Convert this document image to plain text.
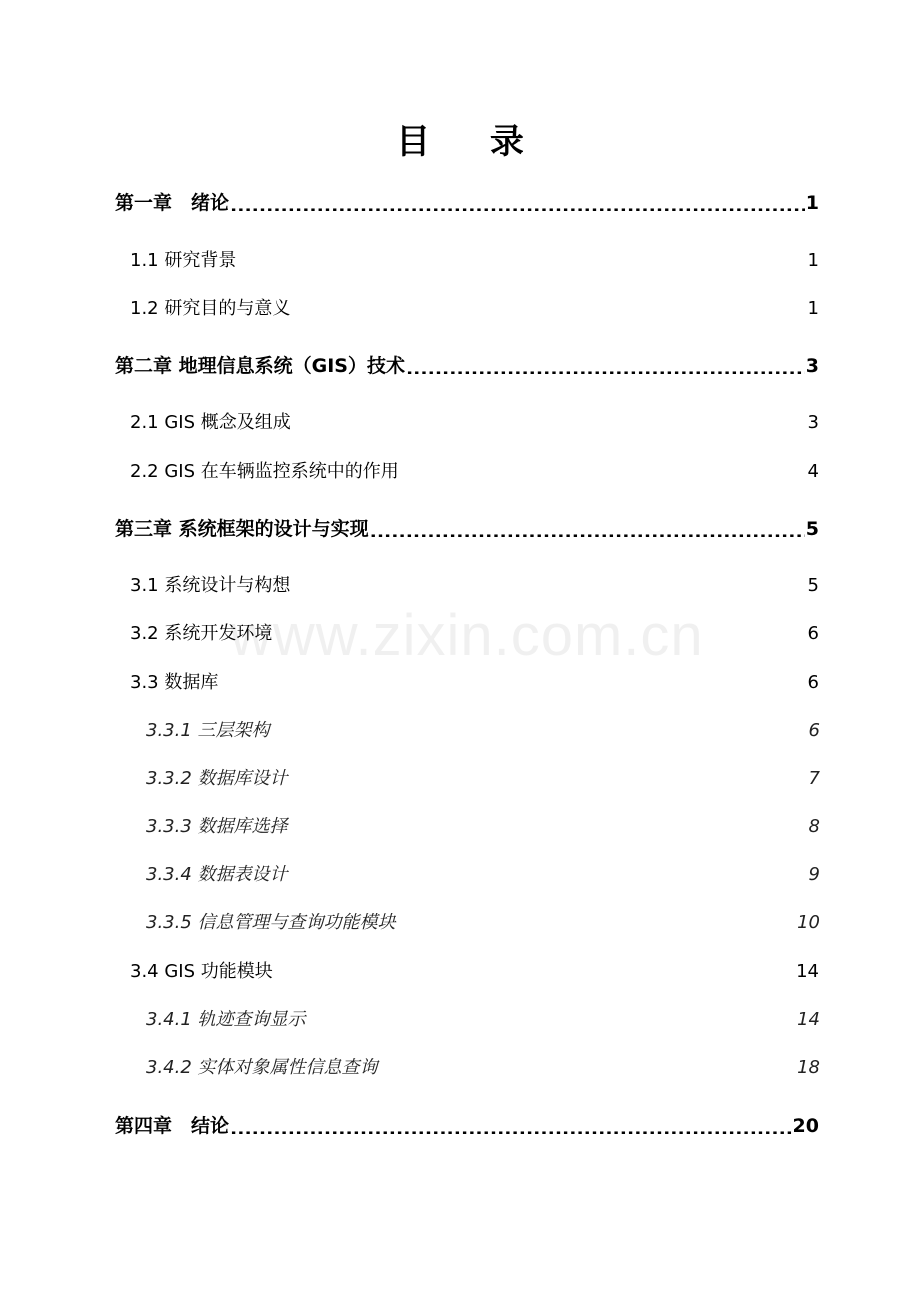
www.zixin.com.cn
目 录
第一章　绪论 .....	1
1.1 研究背景 .....	1
1.2 研究目的与意义 .....	1
第二章 地理信息系统（GIS）技术 .....	3
2.1 GIS 概念及组成 .....	3
2.2 GIS 在车辆监控系统中的作用 .....	4
第三章 系统框架的设计与实现 .....	5
3.1 系统设计与构想 .....	5
3.2 系统开发环境 .....	6
3.3 数据库 .....	6
3.3.1 三层架构 .....	6
3.3.2 数据库设计 .....	7
3.3.3 数据库选择 .....	8
3.3.4 数据表设计 .....	9
3.3.5 信息管理与查询功能模块 .....	10
3.4 GIS 功能模块 .....	14
3.4.1 轨迹查询显示 .....	14
3.4.2 实体对象属性信息查询 .....	18
第四章　结论 .....	20
